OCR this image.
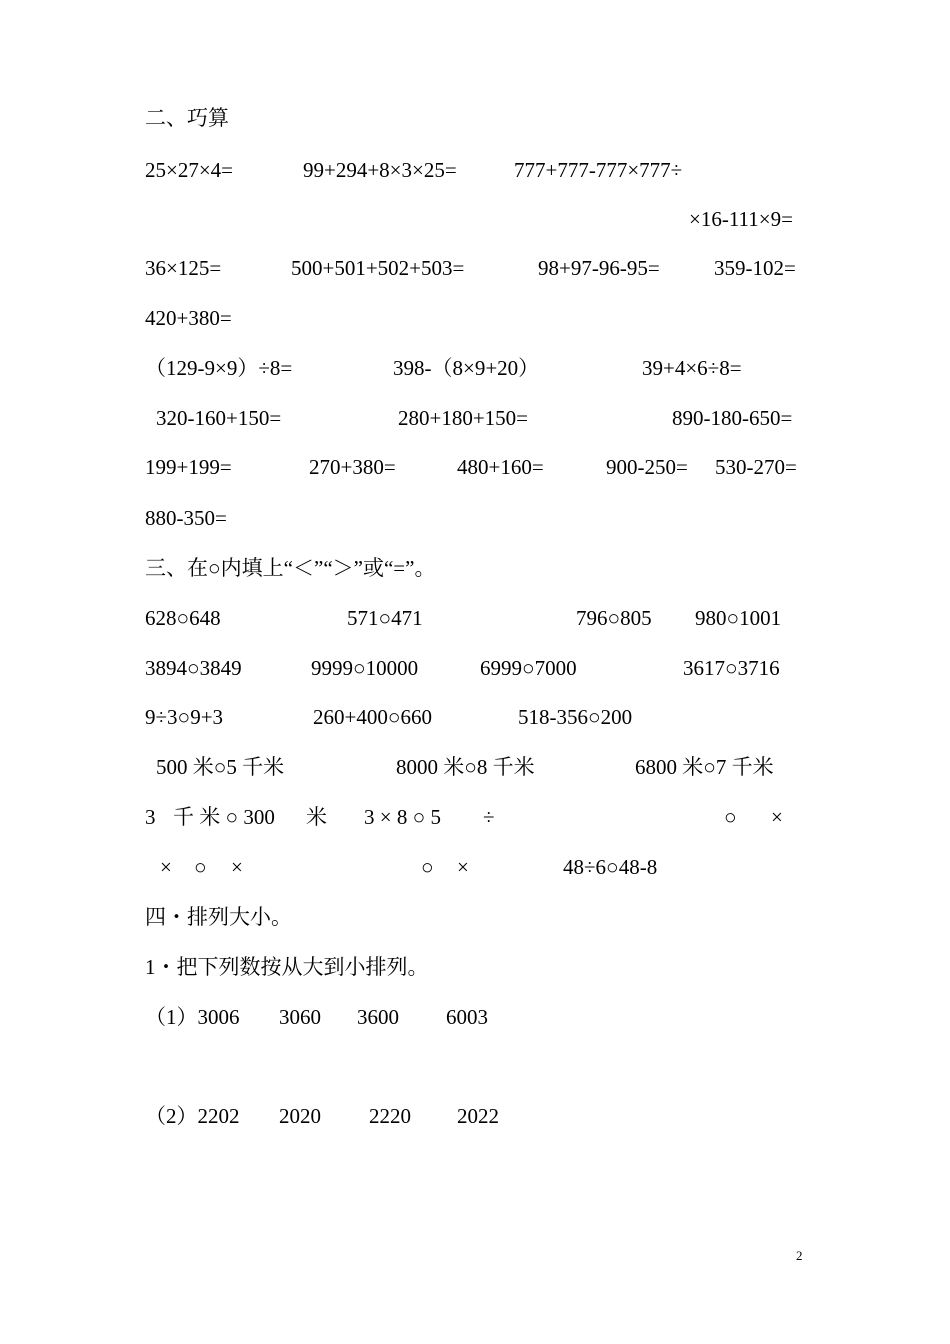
二、巧算
25×27×4=	99+294+8×3×25=	777+777-777×777÷
×16-111×9=
36×125=	500+501+502+503=	98+97-96-95=	359-102=
420+380=
（129-9×9）÷8=	398-（8×9+20）	39+4×6÷8=
320-160+150=	280+180+150=	890-180-650=
199+199=	270+380=	480+160=	900-250= 530-270=
880-350=
三、在○内填上“＜”“＞”或“=”。
628○648	571○471	796○805 980○1001
3894○3849	9999○10000	6999○7000	3617○3716
9÷3○9+3	260+400○660	518-356○200
500 米○5 千米	8000 米○8 千米	6800 米○7 千米
3 千 米 ○ 300 米 3 × 8 ○ 5 ÷	○ ×
× ○ ×	○ ×	48÷6○48-8
四・排列大小。
1・把下列数按从大到小排列。
（1）3006 3060 3600 6003
（2）2202 2020 2220 2022
2
